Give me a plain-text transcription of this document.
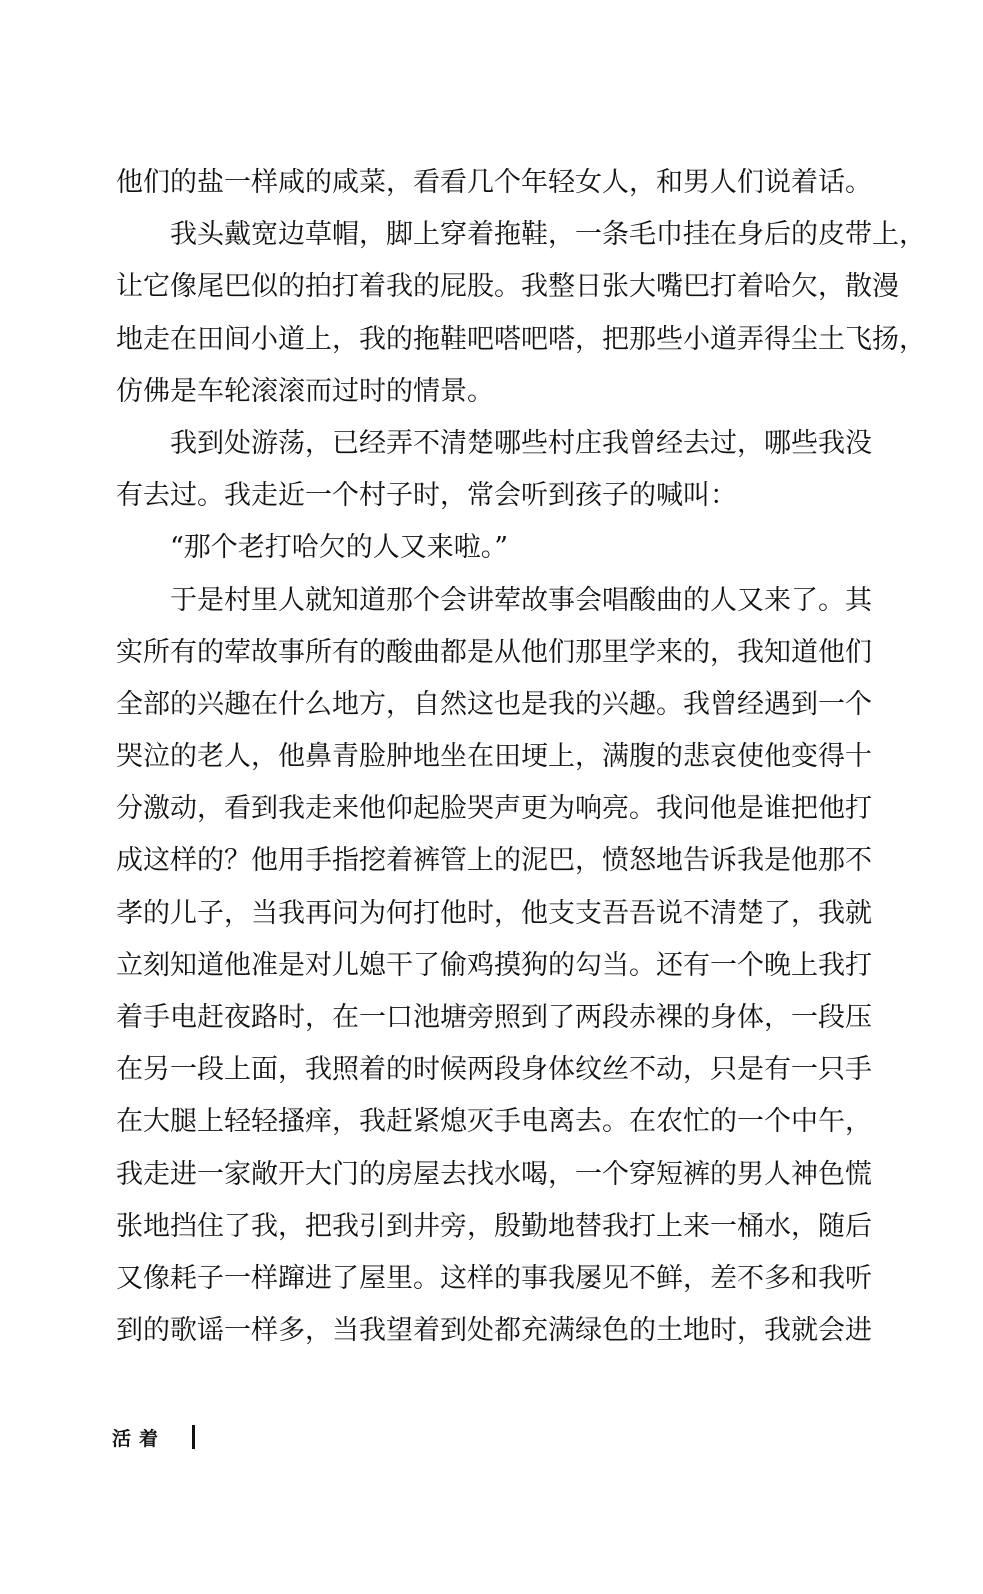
他们的盐一样咸的咸菜，看看几个年轻女人，和男人们说着话。
我头戴宽边草帽，脚上穿着拖鞋，一条毛巾挂在身后的皮带上，
让它像尾巴似的拍打着我的屁股。我整日张大嘴巴打着哈欠，散漫
地走在田间小道上，我的拖鞋吧嗒吧嗒，把那些小道弄得尘土飞扬，
仿佛是车轮滚滚而过时的情景。
我到处游荡，已经弄不清楚哪些村庄我曾经去过，哪些我没
有去过。我走近一个村子时，常会听到孩子的喊叫：
“那个老打哈欠的人又来啦。”
于是村里人就知道那个会讲荤故事会唱酸曲的人又来了。其
实所有的荤故事所有的酸曲都是从他们那里学来的，我知道他们
全部的兴趣在什么地方，自然这也是我的兴趣。我曾经遇到一个
哭泣的老人，他鼻青脸肿地坐在田埂上，满腹的悲哀使他变得十
分激动，看到我走来他仰起脸哭声更为响亮。我问他是谁把他打
成这样的？他用手指挖着裤管上的泥巴，愤怒地告诉我是他那不
孝的儿子，当我再问为何打他时，他支支吾吾说不清楚了，我就
立刻知道他准是对儿媳干了偷鸡摸狗的勾当。还有一个晚上我打
着手电赶夜路时，在一口池塘旁照到了两段赤裸的身体，一段压
在另一段上面，我照着的时候两段身体纹丝不动，只是有一只手
在大腿上轻轻搔痒，我赶紧熄灭手电离去。在农忙的一个中午，
我走进一家敞开大门的房屋去找水喝，一个穿短裤的男人神色慌
张地挡住了我，把我引到井旁，殷勤地替我打上来一桶水，随后
又像耗子一样蹿进了屋里。这样的事我屡见不鲜，差不多和我听
到的歌谣一样多，当我望着到处都充满绿色的土地时，我就会进
活着
